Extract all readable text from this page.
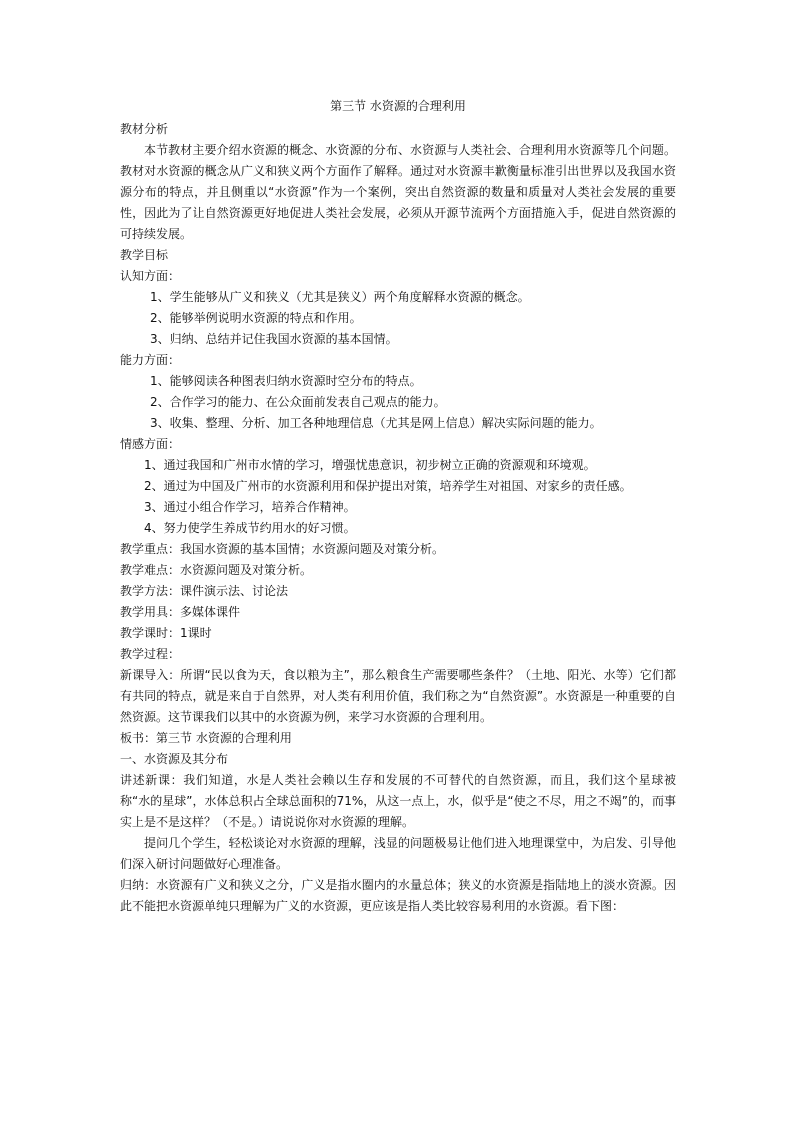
第三节 水资源的合理利用

教材分析

本节教材主要介绍水资源的概念、水资源的分布、水资源与人类社会、合理利用水资源等几个问题。教材对水资源的概念从广义和狭义两个方面作了解释。通过对水资源丰歉衡量标准引出世界以及我国水资源分布的特点，并且侧重以“水资源”作为一个案例，突出自然资源的数量和质量对人类社会发展的重要性，因此为了让自然资源更好地促进人类社会发展，必须从开源节流两个方面措施入手，促进自然资源的可持续发展。

教学目标

认知方面：

1、学生能够从广义和狭义（尤其是狭义）两个角度解释水资源的概念。

2、能够举例说明水资源的特点和作用。

3、归纳、总结并记住我国水资源的基本国情。

能力方面：

1、能够阅读各种图表归纳水资源时空分布的特点。

2、合作学习的能力、在公众面前发表自己观点的能力。

3、收集、整理、分析、加工各种地理信息（尤其是网上信息）解决实际问题的能力。

情感方面：

1、通过我国和广州市水情的学习，增强忧患意识，初步树立正确的资源观和环境观。

2、通过为中国及广州市的水资源利用和保护提出对策，培养学生对祖国、对家乡的责任感。

3、通过小组合作学习，培养合作精神。

4、努力使学生养成节约用水的好习惯。

教学重点：我国水资源的基本国情；水资源问题及对策分析。

教学难点：水资源问题及对策分析。

教学方法：课件演示法、讨论法

教学用具：多媒体课件

教学课时：1课时

教学过程：

新课导入：所谓“民以食为天，食以粮为主”，那么粮食生产需要哪些条件？（土地、阳光、水等）它们都有共同的特点，就是来自于自然界，对人类有利用价值，我们称之为“自然资源”。水资源是一种重要的自然资源。这节课我们以其中的水资源为例，来学习水资源的合理利用。

板书：第三节 水资源的合理利用

一、水资源及其分布

讲述新课：我们知道，水是人类社会赖以生存和发展的不可替代的自然资源，而且，我们这个星球被称“水的星球”，水体总积占全球总面积的71%，从这一点上，水，似乎是“使之不尽，用之不竭”的，而事实上是不是这样？（不是。）请说说你对水资源的理解。

提问几个学生，轻松谈论对水资源的理解，浅显的问题极易让他们进入地理课堂中，为启发、引导他们深入研讨问题做好心理准备。

归纳：水资源有广义和狭义之分，广义是指水圈内的水量总体；狭义的水资源是指陆地上的淡水资源。因此不能把水资源单纯只理解为广义的水资源，更应该是指人类比较容易利用的水资源。看下图：
